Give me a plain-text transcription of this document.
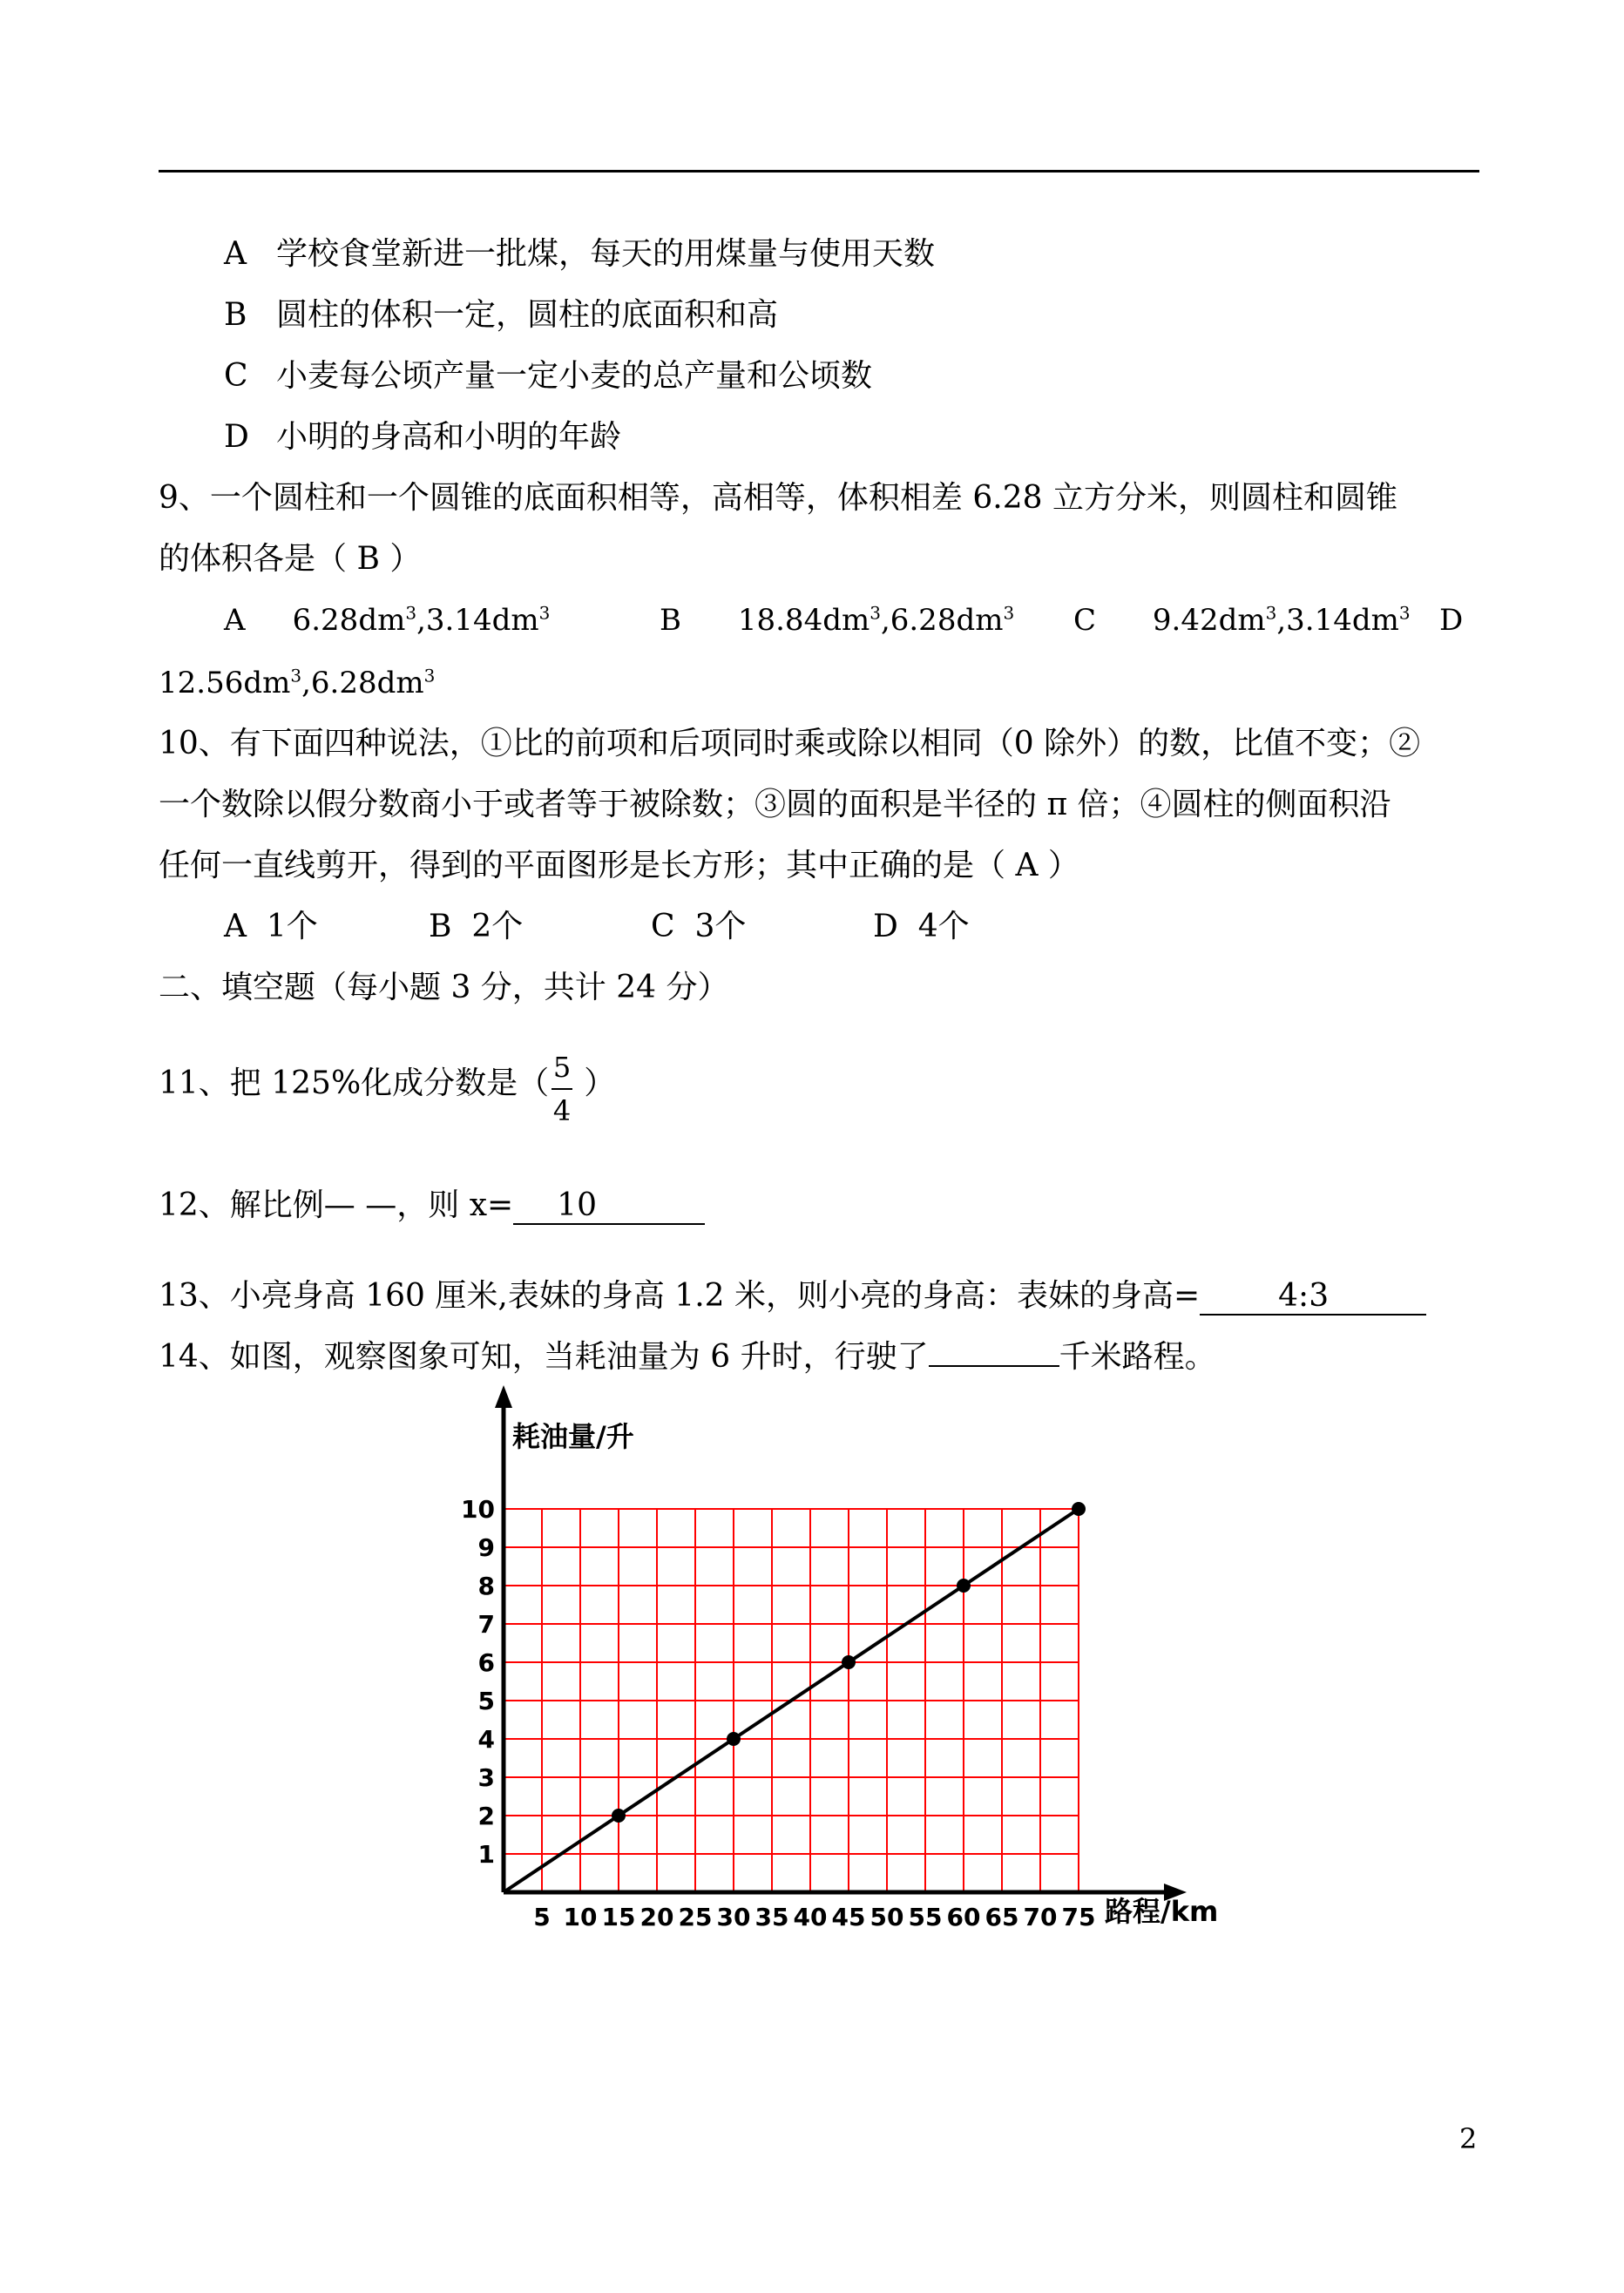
A 学校食堂新进一批煤，每天的用煤量与使用天数
B 圆柱的体积一定，圆柱的底面积和高
C 小麦每公顷产量一定小麦的总产量和公顷数
D 小明的身高和小明的年龄
9、一个圆柱和一个圆锥的底面积相等，高相等，体积相差 6.28 立方分米，则圆柱和圆锥
的体积各是（ B ）
A $6.28dm^3,3.14dm^3$	B $18.84dm^3,6.28dm^3$ C $9.42dm^3,3.14dm^3$ D
$12.56dm^3,6.28dm^3$
10、有下面四种说法，①比的前项和后项同时乘或除以相同（0 除外）的数，比值不变；②
一个数除以假分数商小于或者等于被除数；③圆的面积是半径的 π 倍；④圆柱的侧面积沿
任何一直线剪开，得到的平面图形是长方形；其中正确的是（ A ）
A 1个	B 2个	C 3个	D 4个
二、填空题（每小题 3 分，共计 24 分）
11、把 125%化成分数是（ ）
5
4
12、解比例— —，则 x= 10
13、小亮身高 160 厘米,表妹的身高 1.2 米，则小亮的身高：表妹的身高=	4:3
14、如图，观察图象可知，当耗油量为 6 升时，行驶了	千米路程。
5 10 15 20 25 30 35 40 45 50 55 60 65 70 75
1
2
3
4
5
6
7
8
9
10
耗油量/升
路程/km
2
